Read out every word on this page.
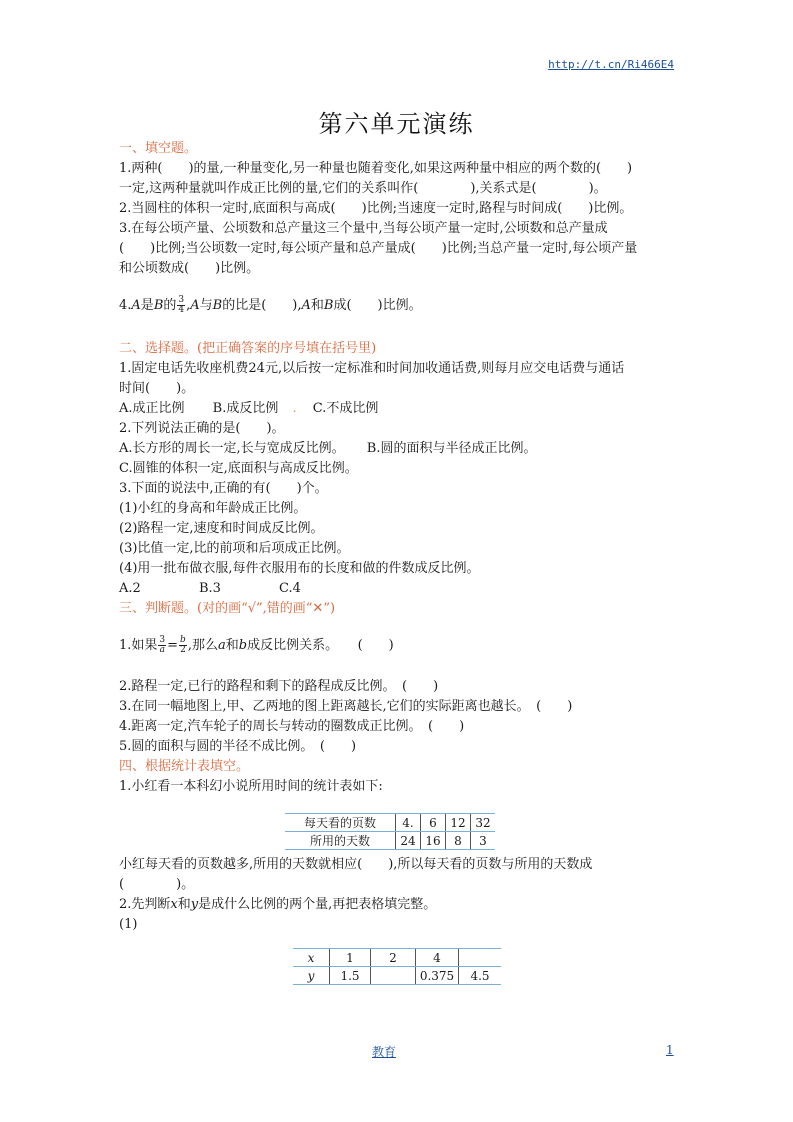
http://t.cn/Ri466E4
第六单元演练
一、填空题。
1.两种(　　)的量,一种量变化,另一种量也随着变化,如果这两种量中相应的两个数的(　　)
一定,这两种量就叫作成正比例的量,它们的关系叫作(　　　　),关系式是(　　　　)。
2.当圆柱的体积一定时,底面积与高成(　　)比例;当速度一定时,路程与时间成(　　)比例。
3.在每公顷产量、公顷数和总产量这三个量中,当每公顷产量一定时,公顷数和总产量成
(　　)比例;当公顷数一定时,每公顷产量和总产量成(　　)比例;当总产量一定时,每公顷产量
和公顷数成(　　)比例。
4.A是B的 $\frac{3}{4} ,A$与B的比是(　　),A和B成(　　)比例。
二、选择题。(把正确答案的序号填在括号里)
1.固定电话先收座机费24元,以后按一定标准和时间加收通话费,则每月应交电话费与通话
时间(　　)。
A.成正比例 B.成反比例 . C.不成比例
2.下列说法正确的是(　　)。
A.长方形的周长一定,长与宽成反比例。 B.圆的面积与半径成正比例。
C.圆锥的体积一定,底面积与高成反比例。
3.下面的说法中,正确的有(　　)个。
(1)小红的身高和年龄成正比例。
(2)路程一定,速度和时间成反比例。
(3)比值一定,比的前项和后项成正比例。
(4)用一批布做衣服,每件衣服用布的长度和做的件数成反比例。
A.2	B.3	C.4
三、判断题。(对的画“√”,错的画“✕”)
1.如果 $\frac{3}{a} = \frac{b}{2}$ ,那么a和b成反比例关系。　　(　　)
2.路程一定,已行的路程和剩下的路程成反比例。　(　　)
3.在同一幅地图上,甲、乙两地的图上距离越长,它们的实际距离也越长。　(　　)
4.距离一定,汽车轮子的周长与转动的圈数成正比例。　(　　)
5.圆的面积与圆的半径不成比例。　(　　)
四、根据统计表填空。
1.小红看一本科幻小说所用时间的统计表如下:
每天看的页数	4.	6	12	32
所用的天数	24	16	8	3
小红每天看的页数越多,所用的天数就相应(　　),所以每天看的页数与所用的天数成
(　　　　)。
2.先判断x和y是成什么比例的两个量,再把表格填完整。
(1)
x	1	2	4	
y	1.5		0.375	4.5
教育	1
